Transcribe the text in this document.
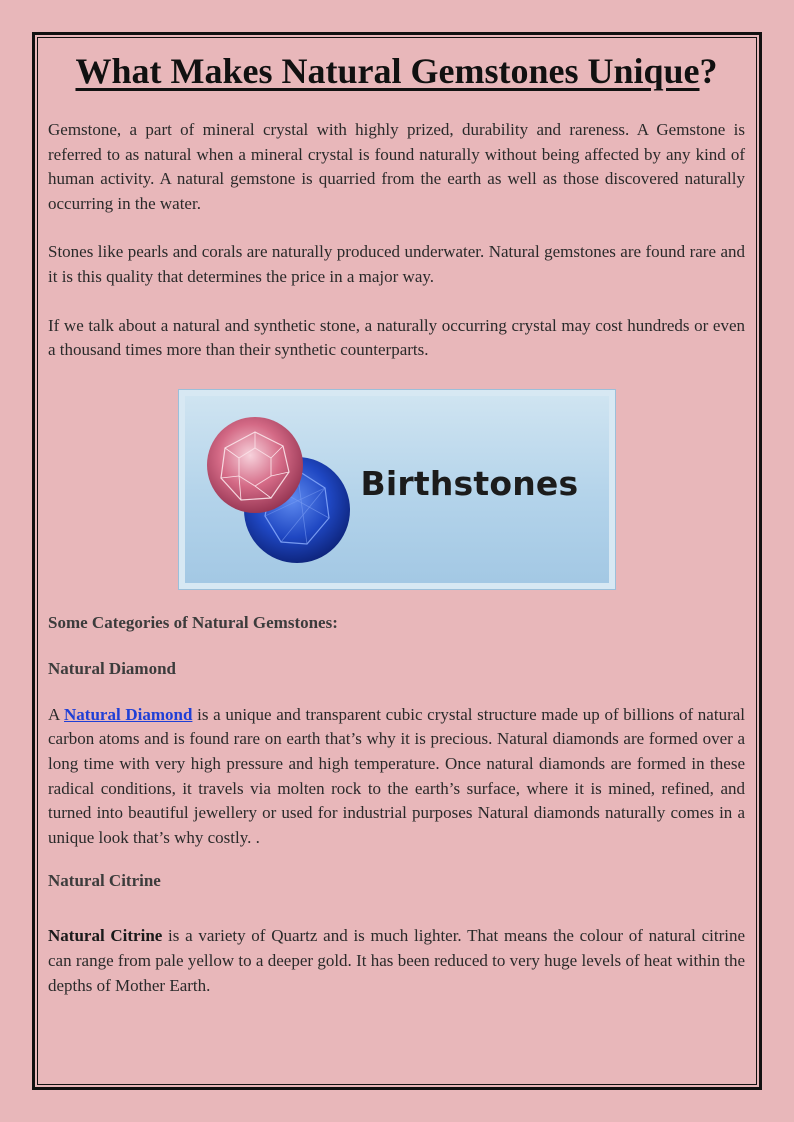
What Makes Natural Gemstones Unique?

Gemstone, a part of mineral crystal with highly prized, durability and rareness. A Gemstone is referred to as natural when a mineral crystal is found naturally without being affected by any kind of human activity. A natural gemstone is quarried from the earth as well as those discovered naturally occurring in the water.

Stones like pearls and corals are naturally produced underwater. Natural gemstones are found rare and it is this quality that determines the price in a major way.

If we talk about a natural and synthetic stone, a naturally occurring crystal may cost hundreds or even a thousand times more than their synthetic counterparts.

Birthstones
Some Categories of Natural Gemstones:
Natural Diamond

A Natural Diamond is a unique and transparent cubic crystal structure made up of billions of natural carbon atoms and is found rare on earth that’s why it is precious. Natural diamonds are formed over a long time with very high pressure and high temperature. Once natural diamonds are formed in these radical conditions, it travels via molten rock to the earth’s surface, where it is mined, refined, and turned into beautiful jewellery or used for industrial purposes Natural diamonds naturally comes in a unique look that’s why costly. .

Natural Citrine

Natural Citrine is a variety of Quartz and is much lighter. That means the colour of natural citrine can range from pale yellow to a deeper gold. It has been reduced to very huge levels of heat within the depths of Mother Earth.
